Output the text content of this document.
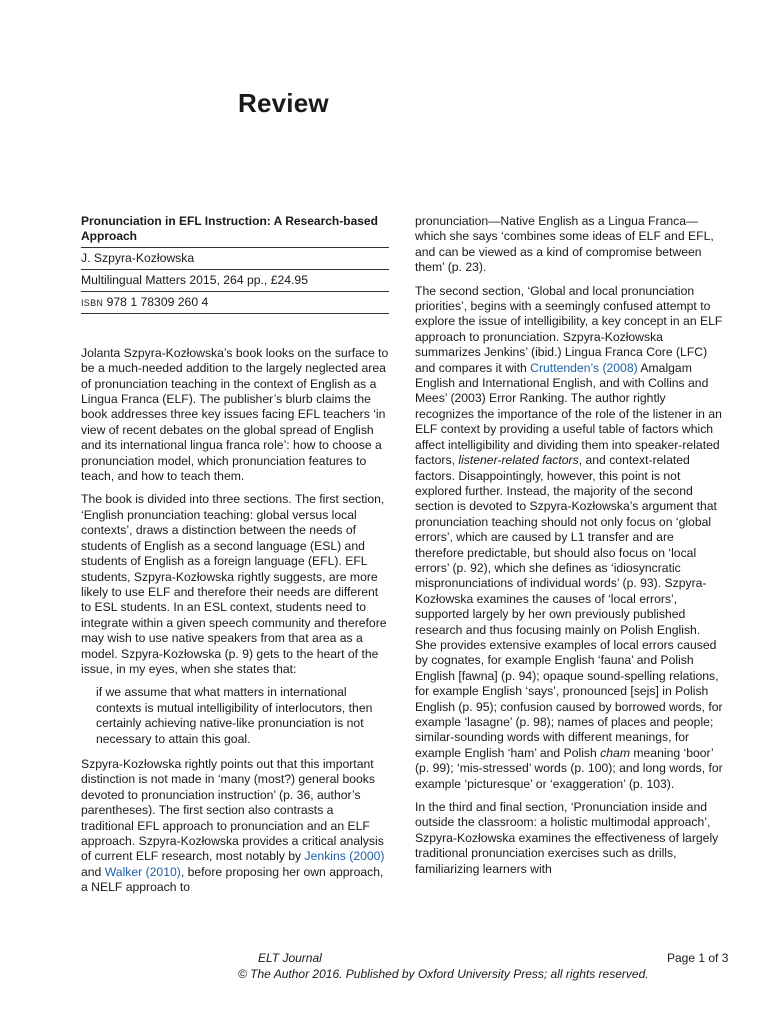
Review
Pronunciation in EFL Instruction: A Research-based Approach
J. Szpyra-Kozłowska
Multilingual Matters 2015, 264 pp., £24.95
isbn 978 1 78309 260 4

Jolanta Szpyra-Kozłowska’s book looks on the surface to be a much-needed addition to the largely neglected area of pronunciation teaching in the context of English as a Lingua Franca (ELF). The publisher’s blurb claims the book addresses three key issues facing EFL teachers ‘in view of recent debates on the global spread of English and its international lingua franca role’: how to choose a pronunciation model, which pronunciation features to teach, and how to teach them.

The book is divided into three sections. The first section, ‘English pronunciation teaching: global versus local contexts’, draws a distinction between the needs of students of English as a second language (ESL) and students of English as a foreign language (EFL). EFL students, Szpyra-Kozłowska rightly suggests, are more likely to use ELF and therefore their needs are different to ESL students. In an ESL context, students need to integrate within a given speech community and therefore may wish to use native speakers from that area as a model. Szpyra-Kozłowska (p. 9) gets to the heart of the issue, in my eyes, when she states that:

if we assume that what matters in international contexts is mutual intelligibility of interlocutors, then certainly achieving native-like pronunciation is not necessary to attain this goal.

Szpyra-Kozłowska rightly points out that this important distinction is not made in ‘many (most?) general books devoted to pronunciation instruction’ (p. 36, author’s parentheses). The first section also contrasts a traditional EFL approach to pronunciation and an ELF approach. Szpyra-Kozłowska provides a critical analysis of current ELF research, most notably by Jenkins (2000) and Walker (2010), before proposing her own approach, a NELF approach to

pronunciation—Native English as a Lingua Franca—which she says ‘combines some ideas of ELF and EFL, and can be viewed as a kind of compromise between them’ (p. 23).

The second section, ‘Global and local pronunciation priorities’, begins with a seemingly confused attempt to explore the issue of intelligibility, a key concept in an ELF approach to pronunciation. Szpyra-Kozłowska summarizes Jenkins’ (ibid.) Lingua Franca Core (LFC) and compares it with Cruttenden’s (2008) Amalgam English and International English, and with Collins and Mees’ (2003) Error Ranking. The author rightly recognizes the importance of the role of the listener in an ELF context by providing a useful table of factors which affect intelligibility and dividing them into speaker-related factors, listener-related factors, and context-related factors. Disappointingly, however, this point is not explored further. Instead, the majority of the second section is devoted to Szpyra-Kozłowska’s argument that pronunciation teaching should not only focus on ‘global errors’, which are caused by L1 transfer and are therefore predictable, but should also focus on ‘local errors’ (p. 92), which she defines as ‘idiosyncratic mispronunciations of individual words’ (p. 93). Szpyra-Kozłowska examines the causes of ‘local errors’, supported largely by her own previously published research and thus focusing mainly on Polish English. She provides extensive examples of local errors caused by cognates, for example English ‘fauna’ and Polish English [fawna] (p. 94); opaque sound-spelling relations, for example English ‘says’, pronounced [sejs] in Polish English (p. 95); confusion caused by borrowed words, for example ‘lasagne’ (p. 98); names of places and people; similar-sounding words with different meanings, for example English ‘ham’ and Polish cham meaning ‘boor’ (p. 99); ‘mis-stressed’ words (p. 100); and long words, for example ‘picturesque’ or ‘exaggeration’ (p. 103).

In the third and final section, ‘Pronunciation inside and outside the classroom: a holistic multimodal approach’, Szpyra-Kozłowska examines the effectiveness of largely traditional pronunciation exercises such as drills, familiarizing learners with

ELT Journal	Page 1 of 3
© The Author 2016. Published by Oxford University Press; all rights reserved.
